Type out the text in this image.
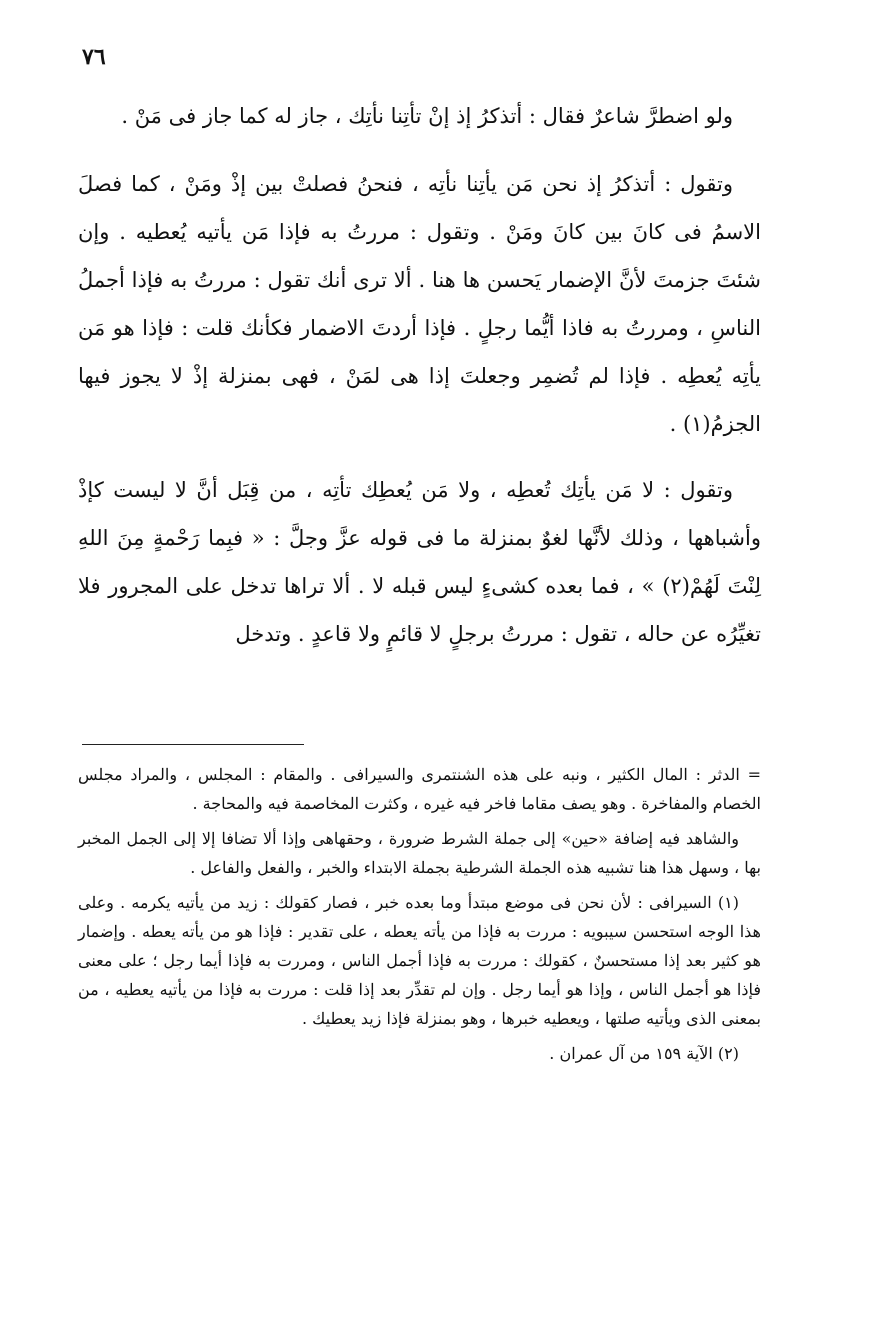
٧٦

ولو اضطرَّ شاعرٌ فقال : أتذكرُ إذ إنْ تأتِنا نأتِك ، جاز له كما جاز فى مَنْ .

وتقول : أتذكرُ إذ نحن مَن يأتِنا نأتِه ، فنحنُ فصلتْ بين إذْ ومَنْ ، كما فصلَ الاسمُ فى كانَ بين كانَ ومَنْ . وتقول : مررتُ به فإذا مَن يأتيه يُعطيه . وإن شئتَ جزمتَ لأنَّ الإضمار يَحسن ها هنا . ألا ترى أنك تقول : مررتُ به فإذا أجملُ الناسِ ، ومررتُ به فاذا أيُّما رجلٍ . فإذا أردتَ الاضمار فكأنك قلت : فإذا هو مَن يأتِه يُعطِه . فإذا لم تُضمِر وجعلتَ إذا هى لمَنْ ، فهى بمنزلة إذْ لا يجوز فيها الجزمُ(١) .

وتقول : لا مَن يأتِك تُعطِه ، ولا مَن يُعطِك تأتِه ، من قِبَل أنَّ لا ليست كإذْ وأشباهها ، وذلك لأنَّها لغوٌ بمنزلة ما فى قوله عزَّ وجلَّ : « فبِما رَحْمةٍ مِنَ اللهِ لِنْتَ لَهُمْ(٢) » ، فما بعده كشىءٍ ليس قبله لا . ألا تراها تدخل على المجرور فلا تغيِّرُه عن حاله ، تقول : مررتُ برجلٍ لا قائمٍ ولا قاعدٍ . وتدخل

= الدثر : المال الكثير ، ونبه على هذه الشنتمرى والسيرافى . والمقام : المجلس ، والمراد مجلس الخصام والمفاخرة . وهو يصف مقاما فاخر فيه غيره ، وكثرت المخاصمة فيه والمحاجة .

والشاهد فيه إضافة «حين» إلى جملة الشرط ضرورة ، وحقهاهى وإذا ألا تضافا إلا إلى الجمل المخبر بها ، وسهل هذا هنا تشبيه هذه الجملة الشرطية بجملة الابتداء والخبر ، والفعل والفاعل .

(١) السيرافى : لأن نحن فى موضع مبتدأ وما بعده خبر ، فصار كقولك : زيد من يأتيه يكرمه . وعلى هذا الوجه استحسن سيبويه : مررت به فإذا من يأته يعطه ، على تقدير : فإذا هو من يأته يعطه . وإضمار هو كثير بعد إذا مستحسنٌ ، كقولك : مررت به فإذا أجمل الناس ، ومررت به فإذا أيما رجل ؛ على معنى فإذا هو أجمل الناس ، وإذا هو أيما رجل . وإن لم تقدِّر بعد إذا قلت : مررت به فإذا من يأتيه يعطيه ، من بمعنى الذى ويأتيه صلتها ، ويعطيه خبرها ، وهو بمنزلة فإذا زيد يعطيك .

(٢) الآية ١٥٩ من آل عمران .
